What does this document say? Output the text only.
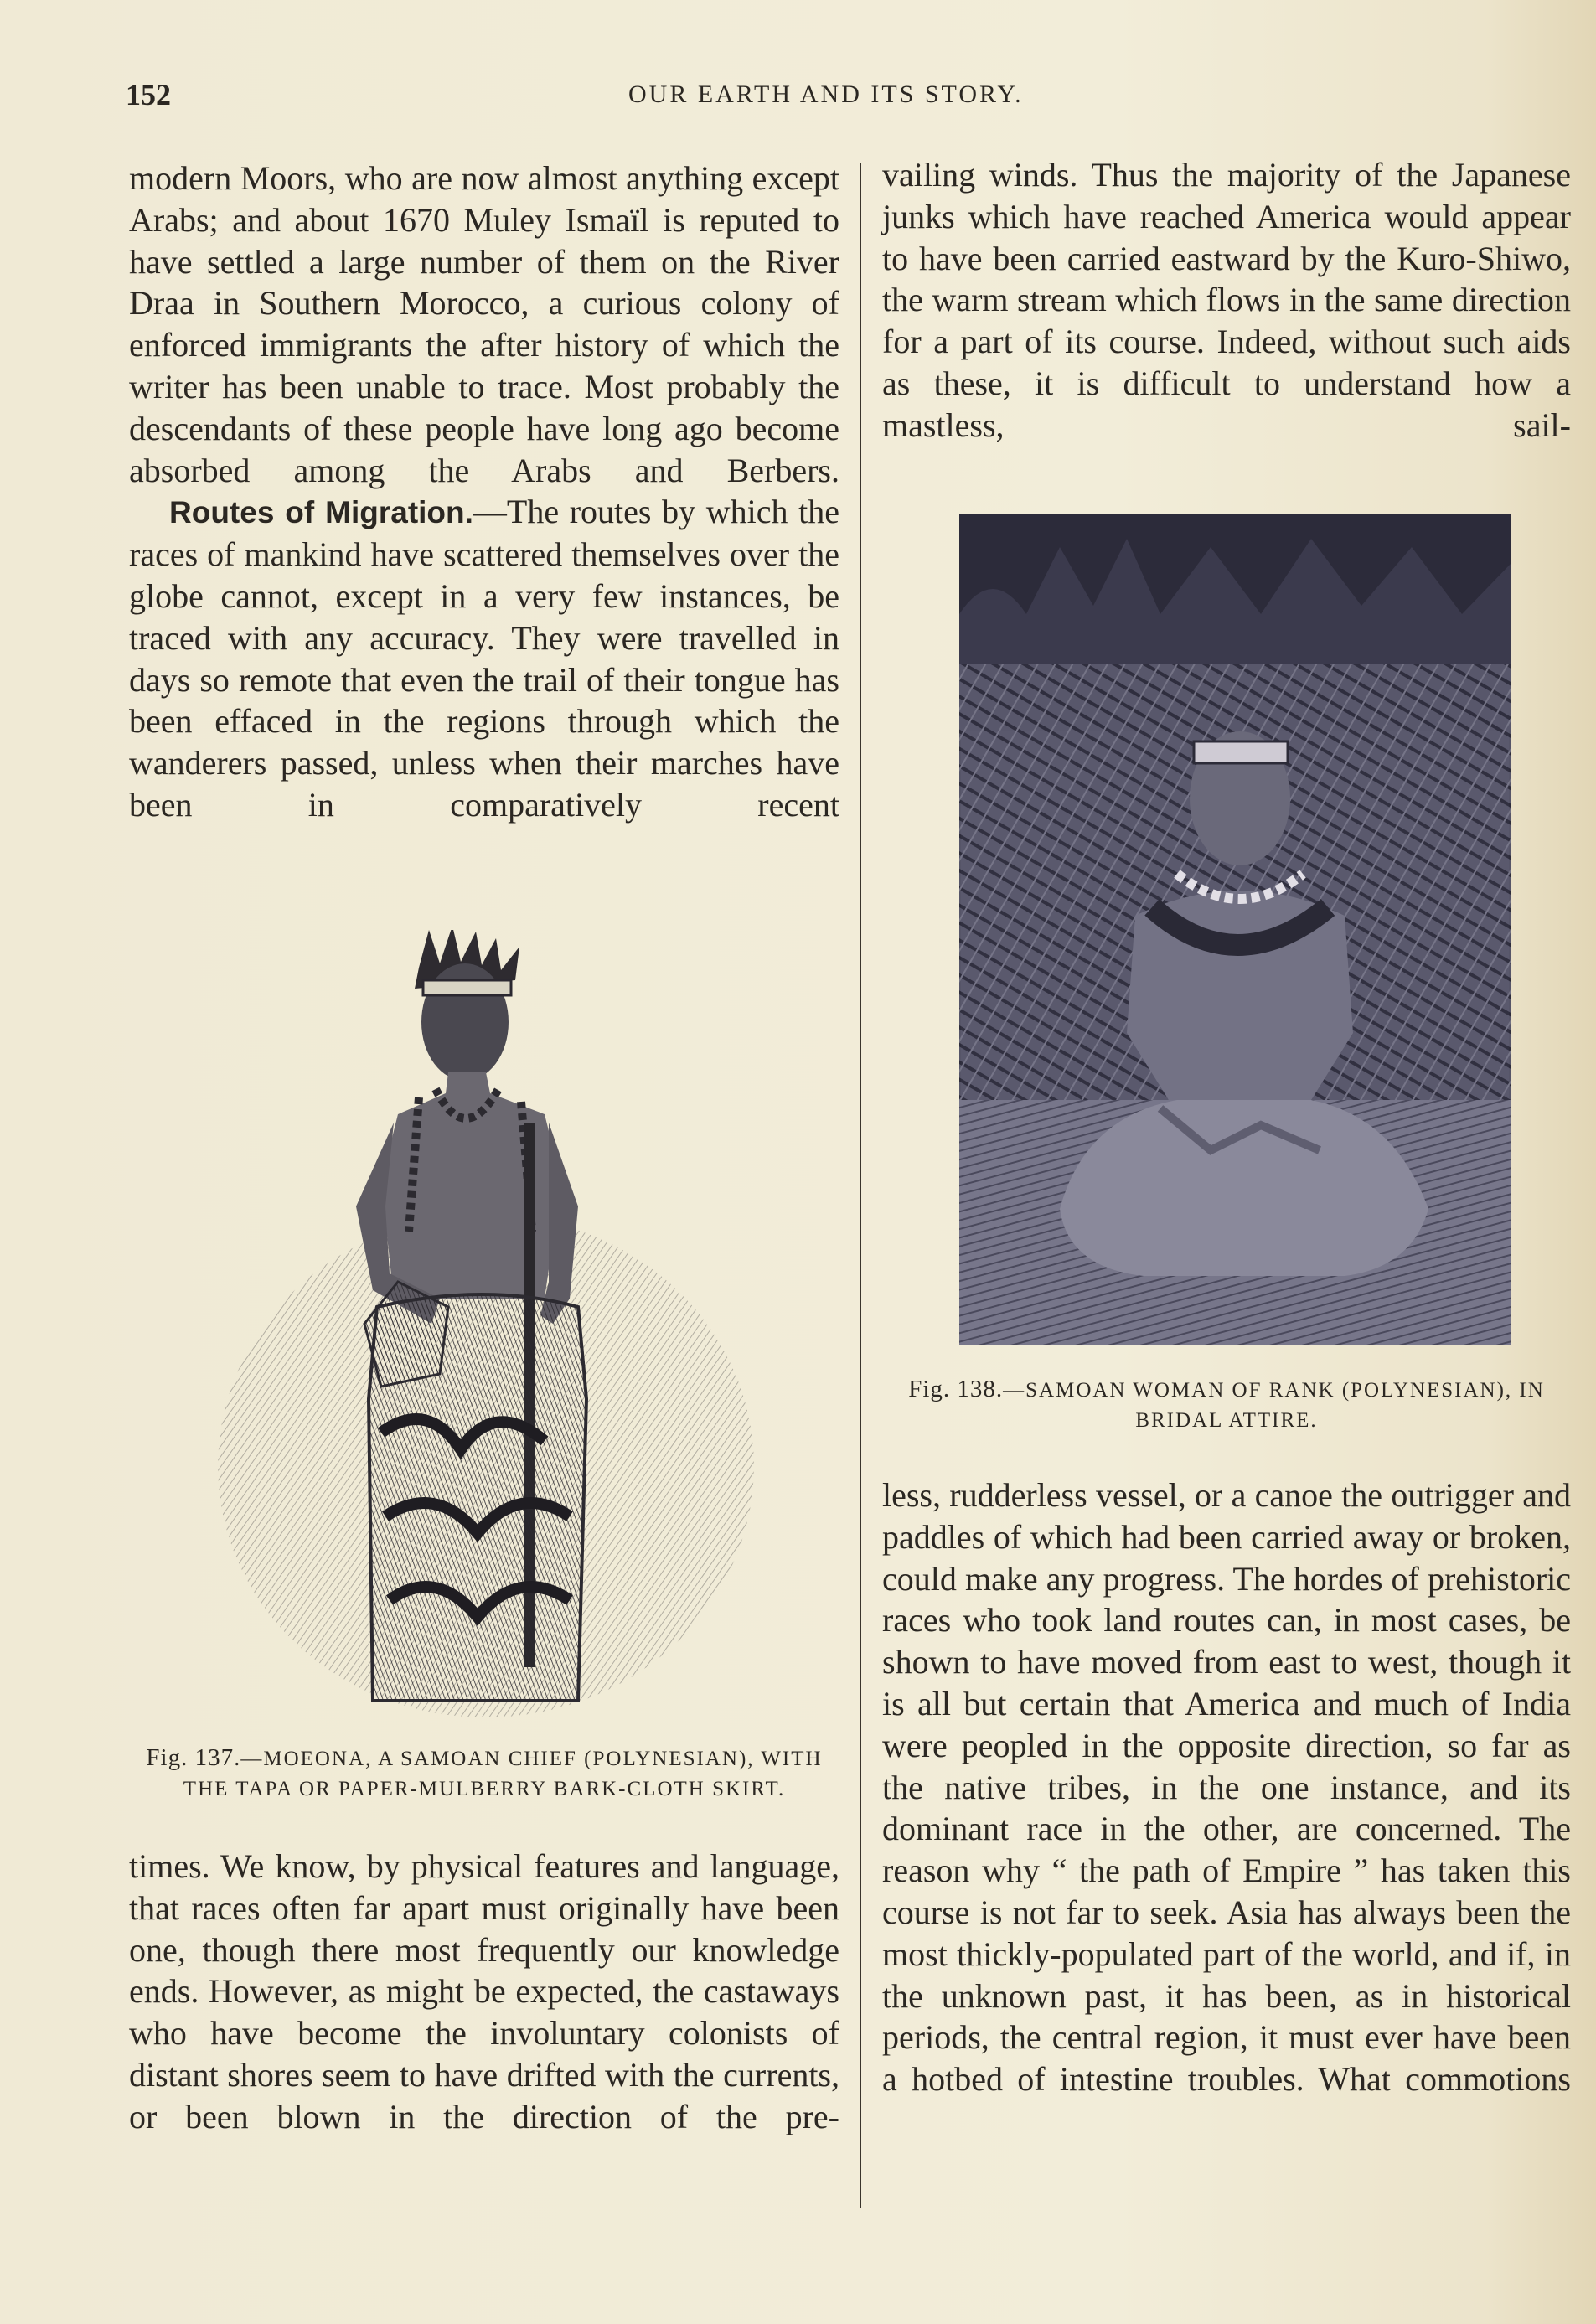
152	OUR EARTH AND ITS STORY.

modern Moors, who are now almost anything except Arabs; and about 1670 Muley Ismaïl is reputed to have settled a large number of them on the River Draa in Southern Morocco, a curious colony of enforced immigrants the after history of which the writer has been unable to trace. Most probably the descendants of these people have long ago become absorbed among the Arabs and Berbers.

Routes of Migration.—The routes by which the races of mankind have scattered themselves over the globe cannot, except in a very few instances, be traced with any accuracy. They were travelled in days so remote that even the trail of their tongue has been effaced in the regions through which the wanderers passed, unless when their marches have been in comparatively recent

Fig. 137.—MOEONA, A SAMOAN CHIEF (POLYNESIAN), WITH THE TAPA OR PAPER-MULBERRY BARK-CLOTH SKIRT.

times. We know, by physical features and language, that races often far apart must originally have been one, though there most frequently our knowledge ends. However, as might be expected, the castaways who have become the involuntary colonists of distant shores seem to have drifted with the currents, or been blown in the direction of the pre-

vailing winds. Thus the majority of the Japanese junks which have reached America would appear to have been carried eastward by the Kuro-Shiwo, the warm stream which flows in the same direction for a part of its course. Indeed, without such aids as these, it is difficult to understand how a mastless, sail-

Fig. 138.—SAMOAN WOMAN OF RANK (POLYNESIAN), IN BRIDAL ATTIRE.

less, rudderless vessel, or a canoe the outrigger and paddles of which had been carried away or broken, could make any progress. The hordes of prehistoric races who took land routes can, in most cases, be shown to have moved from east to west, though it is all but certain that America and much of India were peopled in the opposite direction, so far as the native tribes, in the one instance, and its dominant race in the other, are concerned. The reason why “ the path of Empire ” has taken this course is not far to seek. Asia has always been the most thickly-populated part of the world, and if, in the unknown past, it has been, as in historical periods, the central region, it must ever have been a hotbed of intestine troubles. What commotions
